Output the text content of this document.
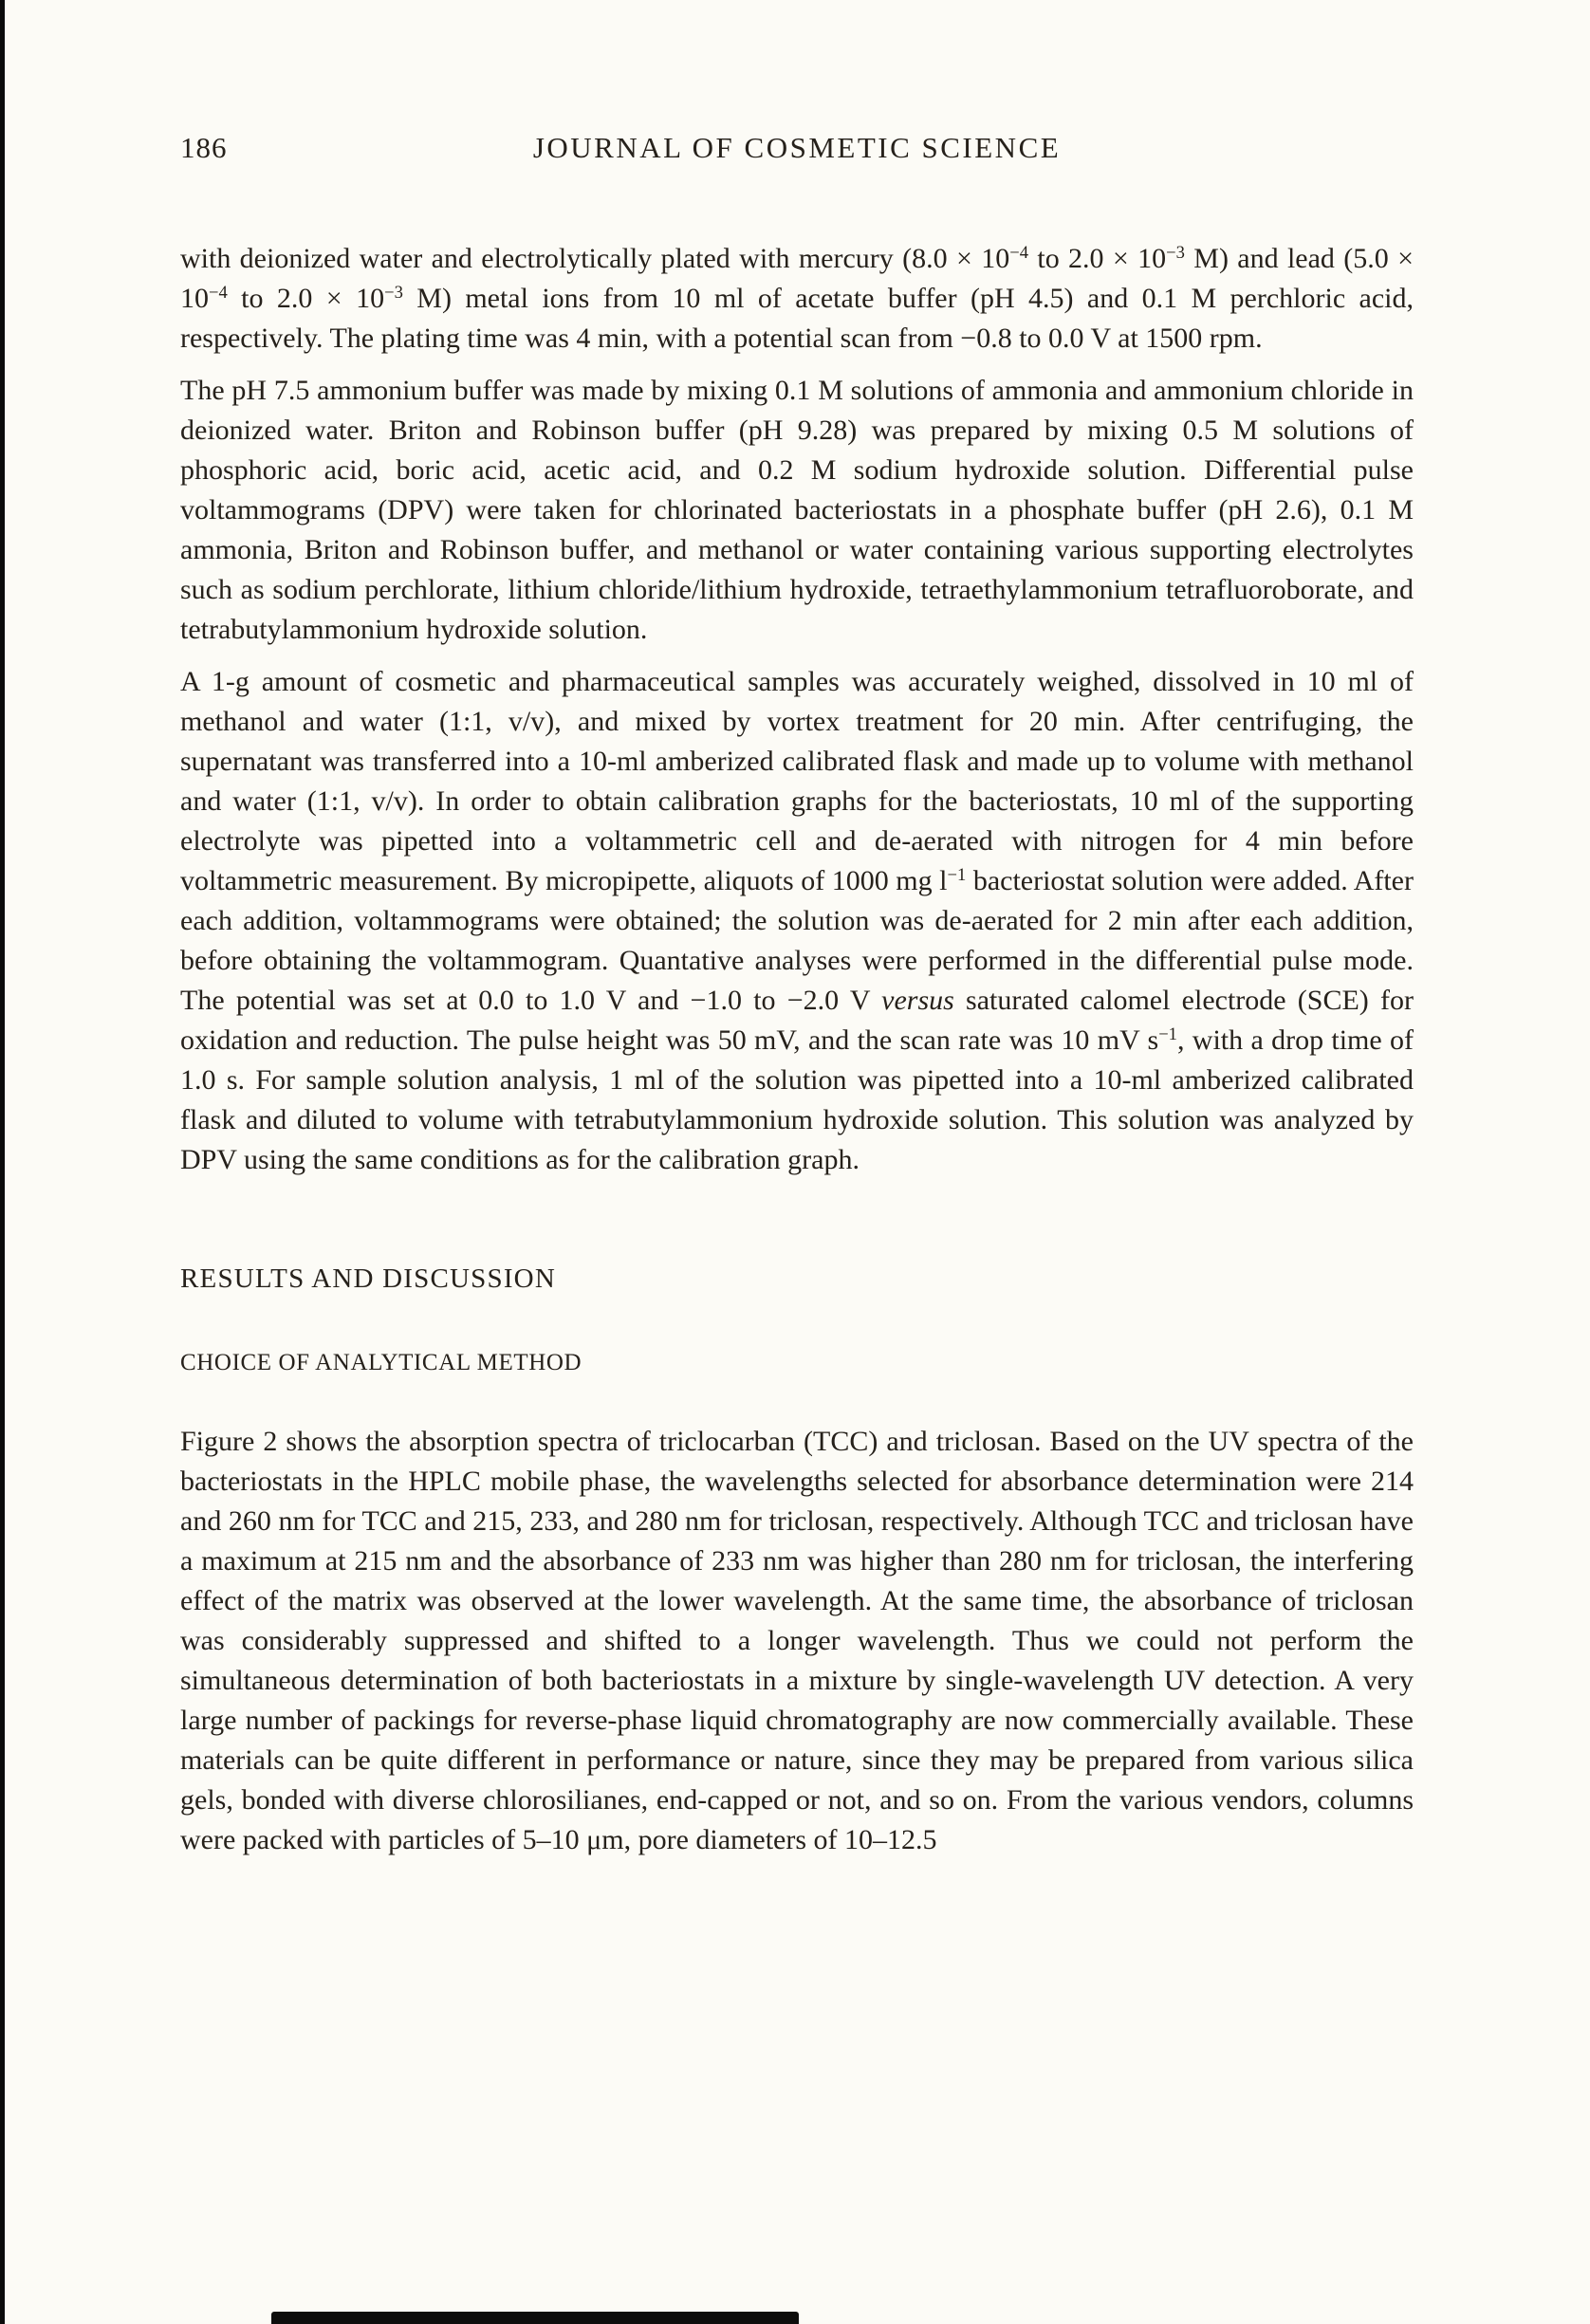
186	JOURNAL OF COSMETIC SCIENCE

with deionized water and electrolytically plated with mercury ($8.0 \times 10^{-4}$ to $2.0 \times 10^{-3}$ M) and lead ($5.0 \times 10^{-4}$ to $2.0 \times 10^{-3}$ M) metal ions from 10 ml of acetate buffer (pH 4.5) and 0.1 M perchloric acid, respectively. The plating time was 4 min, with a potential scan from −0.8 to 0.0 V at 1500 rpm.

The pH 7.5 ammonium buffer was made by mixing 0.1 M solutions of ammonia and ammonium chloride in deionized water. Briton and Robinson buffer (pH 9.28) was prepared by mixing 0.5 M solutions of phosphoric acid, boric acid, acetic acid, and 0.2 M sodium hydroxide solution. Differential pulse voltammograms (DPV) were taken for chlorinated bacteriostats in a phosphate buffer (pH 2.6), 0.1 M ammonia, Briton and Robinson buffer, and methanol or water containing various supporting electrolytes such as sodium perchlorate, lithium chloride/lithium hydroxide, tetraethylammonium tetrafluoroborate, and tetrabutylammonium hydroxide solution.

A 1-g amount of cosmetic and pharmaceutical samples was accurately weighed, dissolved in 10 ml of methanol and water (1:1, v/v), and mixed by vortex treatment for 20 min. After centrifuging, the supernatant was transferred into a 10-ml amberized calibrated flask and made up to volume with methanol and water (1:1, v/v). In order to obtain calibration graphs for the bacteriostats, 10 ml of the supporting electrolyte was pipetted into a voltammetric cell and de-aerated with nitrogen for 4 min before voltammetric measurement. By micropipette, aliquots of 1000 mg $l^{-1}$ bacteriostat solution were added. After each addition, voltammograms were obtained; the solution was de-aerated for 2 min after each addition, before obtaining the voltammogram. Quantative analyses were performed in the differential pulse mode. The potential was set at 0.0 to 1.0 V and −1.0 to −2.0 V versus saturated calomel electrode (SCE) for oxidation and reduction. The pulse height was 50 mV, and the scan rate was 10 mV $s^{-1}$, with a drop time of 1.0 s. For sample solution analysis, 1 ml of the solution was pipetted into a 10-ml amberized calibrated flask and diluted to volume with tetrabutylammonium hydroxide solution. This solution was analyzed by DPV using the same conditions as for the calibration graph.

RESULTS AND DISCUSSION
CHOICE OF ANALYTICAL METHOD

Figure 2 shows the absorption spectra of triclocarban (TCC) and triclosan. Based on the UV spectra of the bacteriostats in the HPLC mobile phase, the wavelengths selected for absorbance determination were 214 and 260 nm for TCC and 215, 233, and 280 nm for triclosan, respectively. Although TCC and triclosan have a maximum at 215 nm and the absorbance of 233 nm was higher than 280 nm for triclosan, the interfering effect of the matrix was observed at the lower wavelength. At the same time, the absorbance of triclosan was considerably suppressed and shifted to a longer wavelength. Thus we could not perform the simultaneous determination of both bacteriostats in a mixture by single-wavelength UV detection. A very large number of packings for reverse-phase liquid chromatography are now commercially available. These materials can be quite different in performance or nature, since they may be prepared from various silica gels, bonded with diverse chlorosilianes, end-capped or not, and so on. From the various vendors, columns were packed with particles of 5–10 μm, pore diameters of 10–12.5
